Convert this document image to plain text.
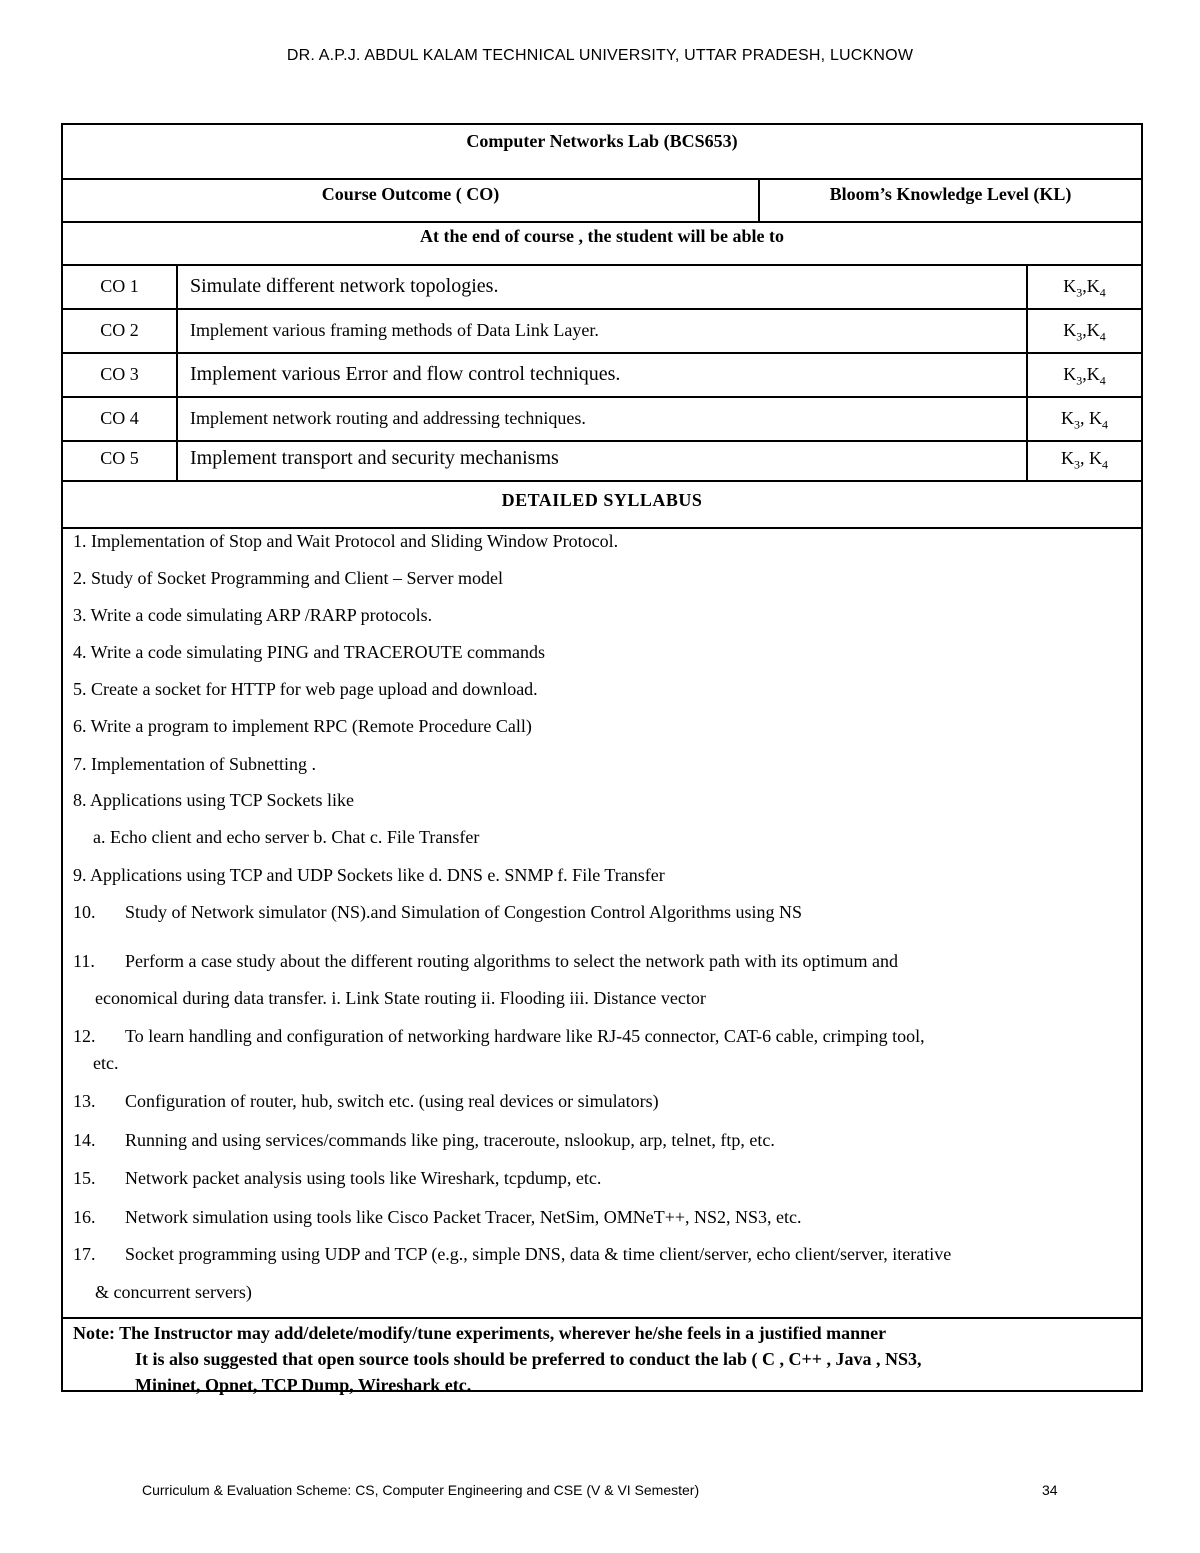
DR. A.P.J. ABDUL KALAM TECHNICAL UNIVERSITY, UTTAR PRADESH, LUCKNOW
Computer Networks Lab (BCS653)
Course Outcome ( CO)	Bloom’s Knowledge Level (KL)
At the end of course , the student will be able to
CO 1	Simulate different network topologies.	$K_3,K_4$
CO 2	Implement various framing methods of Data Link Layer.	$K_3,K_4$
CO 3	Implement various Error and flow control techniques.	$K_3,K_4$
CO 4	Implement network routing and addressing techniques.	$K_3$, $K_4$
CO 5	Implement transport and security mechanisms	$K_3$, $K_4$
DETAILED SYLLABUS
1. Implementation of Stop and Wait Protocol and Sliding Window Protocol.
2. Study of Socket Programming and Client – Server model
3. Write a code simulating ARP /RARP protocols.
4. Write a code simulating PING and TRACEROUTE commands
5. Create a socket for HTTP for web page upload and download.
6. Write a program to implement RPC (Remote Procedure Call)
7. Implementation of Subnetting .
8. Applications using TCP Sockets like
a. Echo client and echo server b. Chat c. File Transfer
9. Applications using TCP and UDP Sockets like d. DNS e. SNMP f. File Transfer
10. Study of Network simulator (NS).and Simulation of Congestion Control Algorithms using NS
11. Perform a case study about the different routing algorithms to select the network path with its optimum and
economical during data transfer. i. Link State routing ii. Flooding iii. Distance vector
12. To learn handling and configuration of networking hardware like RJ-45 connector, CAT-6 cable, crimping tool,
etc.
13. Configuration of router, hub, switch etc. (using real devices or simulators)
14. Running and using services/commands like ping, traceroute, nslookup, arp, telnet, ftp, etc.
15. Network packet analysis using tools like Wireshark, tcpdump, etc.
16. Network simulation using tools like Cisco Packet Tracer, NetSim, OMNeT++, NS2, NS3, etc.
17. Socket programming using UDP and TCP (e.g., simple DNS, data & time client/server, echo client/server, iterative
& concurrent servers)
Note: The Instructor may add/delete/modify/tune experiments, wherever he/she feels in a justified manner
It is also suggested that open source tools should be preferred to conduct the lab ( C , C++ , Java , NS3,
Mininet, Opnet, TCP Dump, Wireshark etc.
Curriculum & Evaluation Scheme: CS, Computer Engineering and CSE (V & VI Semester)	34
